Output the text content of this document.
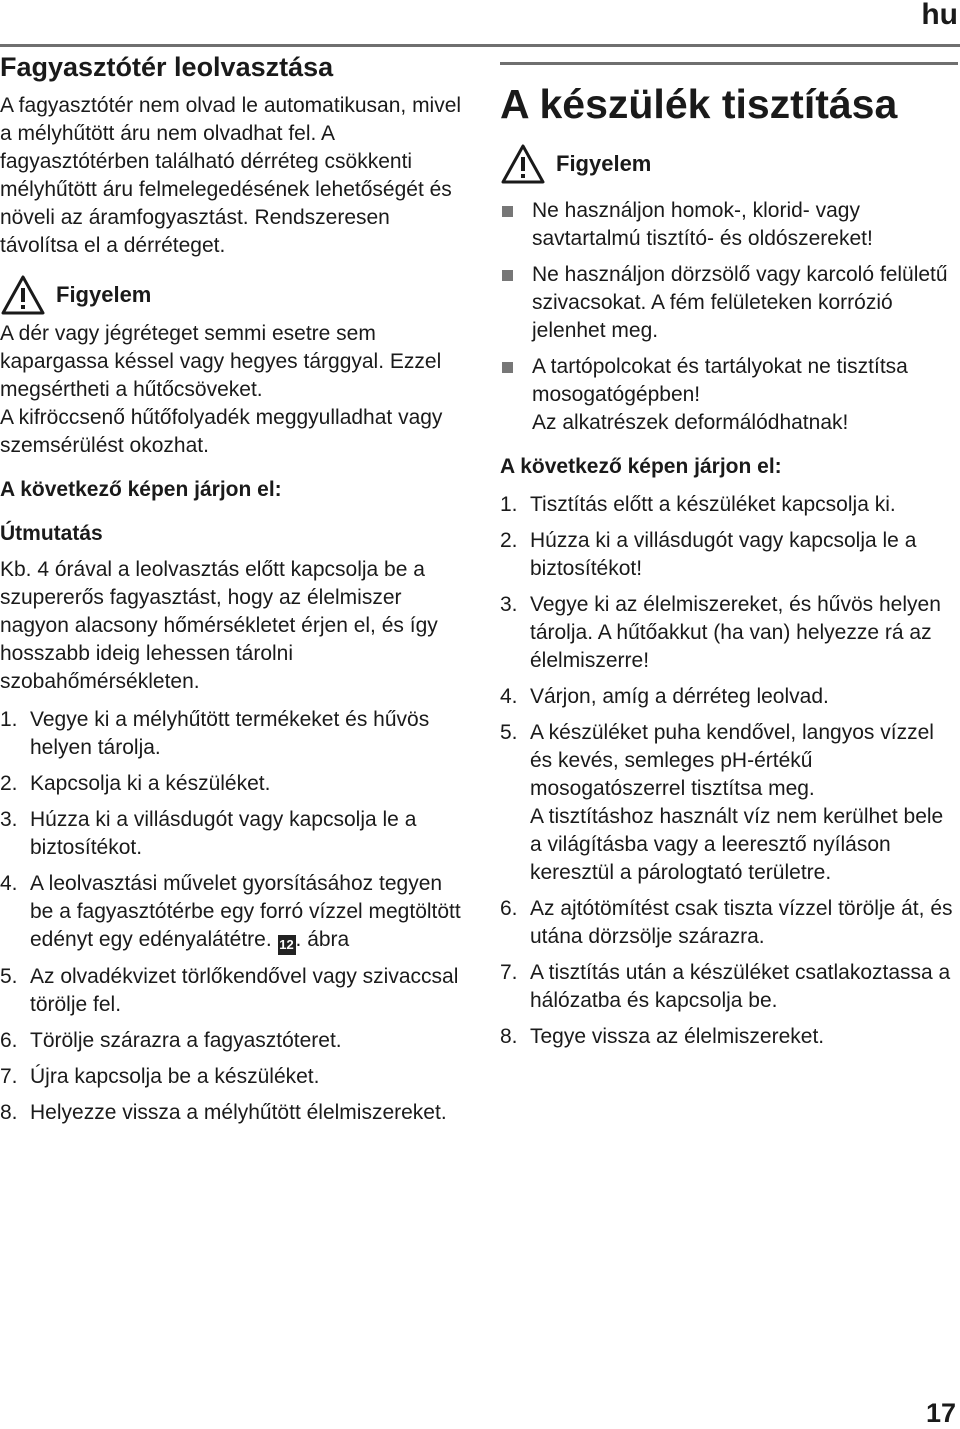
hu
Fagyasztótér leolvasztása

A fagyasztótér nem olvad le automatikusan, mivel a mélyhűtött áru nem olvadhat fel. A fagyasztótérben található dérréteg csökkenti mélyhűtött áru felmelegedésének lehetőségét és növeli az áramfogyasztást. Rendszeresen távolítsa el a dérréteget.

Figyelem

A dér vagy jégréteget semmi esetre sem kapargassa késsel vagy hegyes tárggyal. Ezzel megsértheti a hűtőcsöveket.

A kifröccsenő hűtőfolyadék meggyulladhat vagy szemsérülést okozhat.

A következő képen járjon el:
Útmutatás

Kb. 4 órával a leolvasztás előtt kapcsolja be a szupererős fagyasztást, hogy az élelmiszer nagyon alacsony hőmérsékletet érjen el, és így hosszabb ideig lehessen tárolni szobahőmérsékleten.

1. Vegye ki a mélyhűtött termékeket és hűvös helyen tárolja.
2. Kapcsolja ki a készüléket.
3. Húzza ki a villásdugót vagy kapcsolja le a biztosítékot.
4. A leolvasztási művelet gyorsításához tegyen be a fagyasztótérbe egy forró vízzel megtöltött edényt egy edényalátétre. 12. ábra
5. Az olvadékvizet törlőkendővel vagy szivaccsal törölje fel.
6. Törölje szárazra a fagyasztóteret.
7. Újra kapcsolja be a készüléket.
8. Helyezze vissza a mélyhűtött élelmiszereket.
A készülék tisztítása
Figyelem
Ne használjon homok-, klorid- vagy savtartalmú tisztító- és oldószereket!
Ne használjon dörzsölő vagy karcoló felületű szivacsokat. A fém felületeken korrózió jelenhet meg.
A tartópolcokat és tartályokat ne tisztítsa mosogatógépben!
Az alkatrészek deformálódhatnak!
A következő képen járjon el:
1. Tisztítás előtt a készüléket kapcsolja ki.
2. Húzza ki a villásdugót vagy kapcsolja le a biztosítékot!
3. Vegye ki az élelmiszereket, és hűvös helyen tárolja. A hűtőakkut (ha van) helyezze rá az élelmiszerre!
4. Várjon, amíg a dérréteg leolvad.
5. A készüléket puha kendővel, langyos vízzel és kevés, semleges pH-értékű mosogatószerrel tisztítsa meg.
A tisztításhoz használt víz nem kerülhet bele a világításba vagy a leeresztő nyíláson keresztül a párologtató területre.
6. Az ajtótömítést csak tiszta vízzel törölje át, és utána dörzsölje szárazra.
7. A tisztítás után a készüléket csatlakoztassa a hálózatba és kapcsolja be.
8. Tegye vissza az élelmiszereket.
17
